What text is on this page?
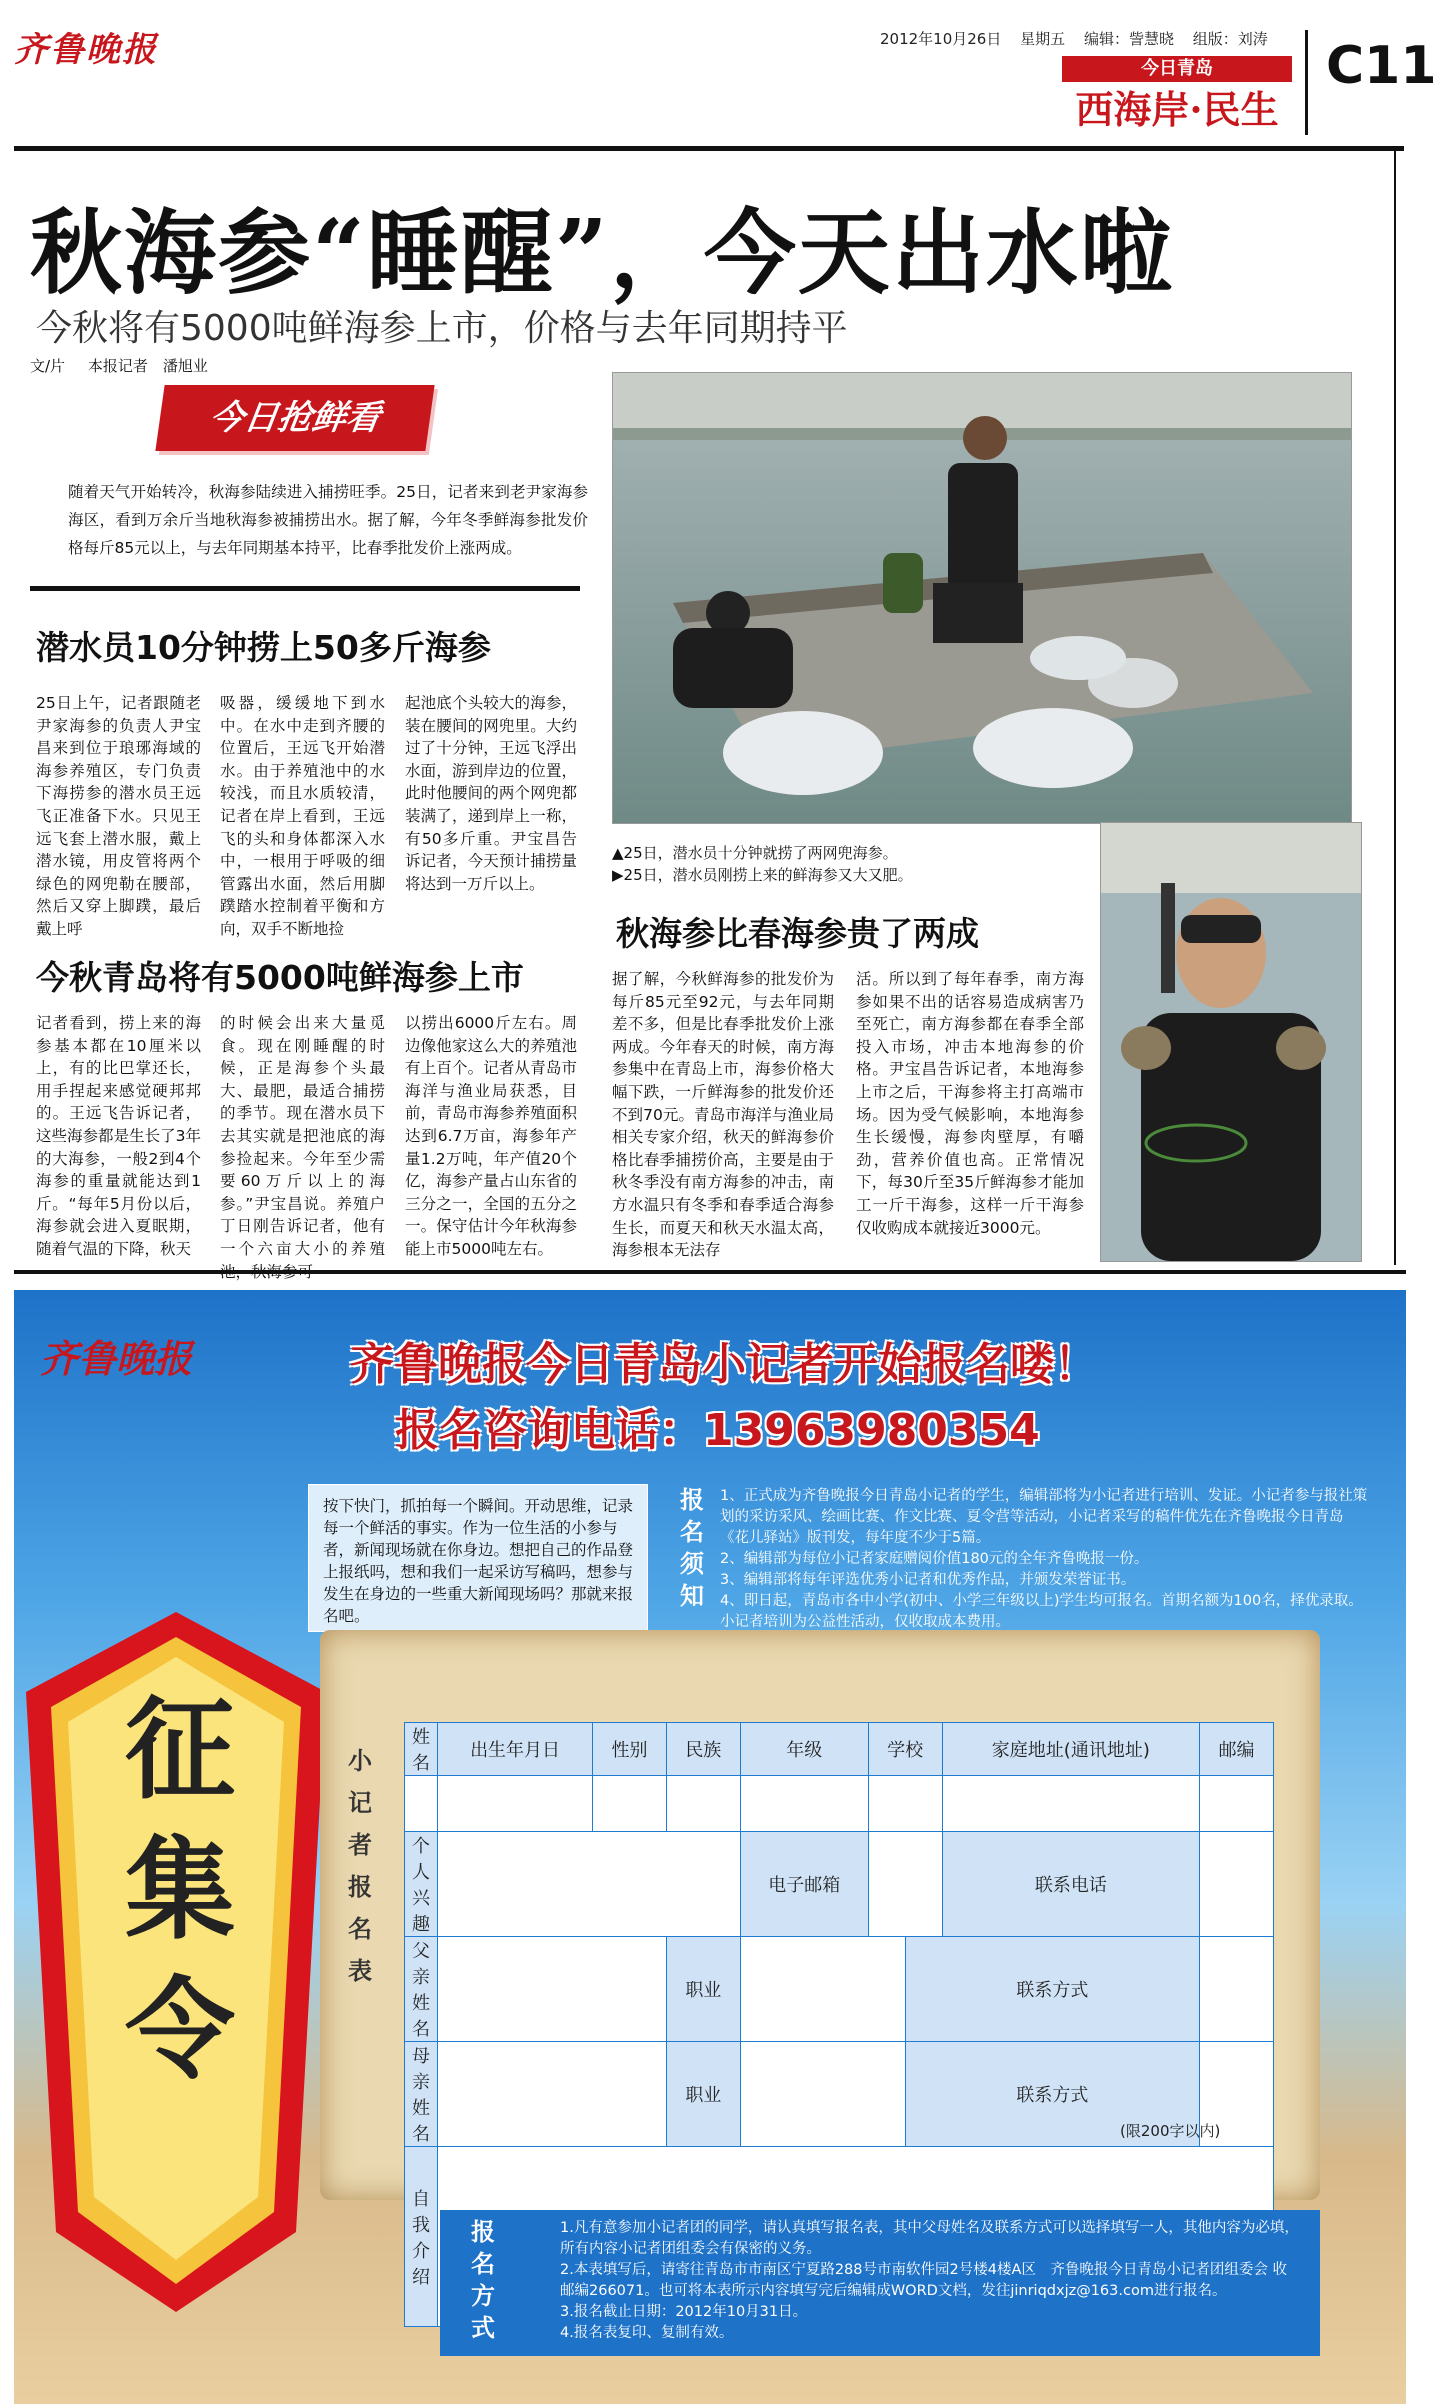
齐鲁晚报	2012年10月26日 星期五 编辑：訾慧晓 组版：刘涛
今日青岛
西海岸·民生
C11
秋海参“睡醒”，今天出水啦
今秋将有5000吨鲜海参上市，价格与去年同期持平
文/片 本报记者　潘旭业
今日抢鲜看
随着天气开始转冷，秋海参陆续进入捕捞旺季。25日，记者来到老尹家海参海区，看到万余斤当地秋海参被捕捞出水。据了解，今年冬季鲜海参批发价格每斤85元以上，与去年同期基本持平，比春季批发价上涨两成。
潜水员10分钟捞上50多斤海参
25日上午，记者跟随老尹家海参的负责人尹宝昌来到位于琅琊海域的海参养殖区，专门负责下海捞参的潜水员王远飞正准备下水。只见王远飞套上潜水服，戴上潜水镜，用皮管将两个绿色的网兜勒在腰部，然后又穿上脚蹼，最后戴上呼
吸器，缓缓地下到水中。在水中走到齐腰的位置后，王远飞开始潜水。由于养殖池中的水较浅，而且水质较清，记者在岸上看到，王远飞的头和身体都深入水中，一根用于呼吸的细管露出水面，然后用脚蹼踏水控制着平衡和方向，双手不断地捡
起池底个头较大的海参，装在腰间的网兜里。大约过了十分钟，王远飞浮出水面，游到岸边的位置，此时他腰间的两个网兜都装满了，递到岸上一称，有50多斤重。尹宝昌告诉记者，今天预计捕捞量将达到一万斤以上。
今秋青岛将有5000吨鲜海参上市
记者看到，捞上来的海参基本都在10厘米以上，有的比巴掌还长，用手捏起来感觉硬邦邦的。王远飞告诉记者，这些海参都是生长了3年的大海参，一般2到4个海参的重量就能达到1斤。“每年5月份以后，海参就会进入夏眠期，随着气温的下降，秋天
的时候会出来大量觅食。现在刚睡醒的时候，正是海参个头最大、最肥，最适合捕捞的季节。现在潜水员下去其实就是把池底的海参捡起来。今年至少需要60万斤以上的海参。”尹宝昌说。养殖户丁日刚告诉记者，他有一个六亩大小的养殖
以捞出6000斤左右。周边像他家这么大的养殖池有上百个。记者从青岛市海洋与渔业局获悉，目前，青岛市海参养殖面积达到6.7万亩，海参年产量1.2万吨，年产值20个亿，海参产量占山东省的三分之一，全国的五分之一。保守估计今年秋海参能上市5000吨左右。
▲25日，潜水员十分钟就捞了两网兜海参。
▶25日，潜水员刚捞上来的鲜海参又大又肥。
秋海参比春海参贵了两成
据了解，今秋鲜海参的批发价为每斤85元至92元，与去年同期差不多，但是比春季批发价上涨两成。今年春天的时候，南方海参集中在青岛上市，海参价格大幅下跌，一斤鲜海参的批发价还不到70元。青岛市海洋与渔业局相关专家介绍，秋天的鲜海参价格比春季捕捞价高，主要是由于秋冬季没有南方海参的冲击，南方水温只有冬季和春季适合海参生长，而夏天和秋天水温太高，海参根本无法存
活。所以到了每年春季，南方海参如果不出的话容易造成病害乃至死亡，南方海参都在春季全部投入市场，冲击本地海参的价格。尹宝昌告诉记者，本地海参上市之后，干海参将主打高端市场。因为受气候影响，本地海参生长缓慢，海参肉壁厚，有嚼劲，营养价值也高。正常情况下，每30斤至35斤鲜海参才能加工一斤干海参，这样一斤干海参仅收购成本就接近3000元。
齐鲁晚报	齐鲁晚报今日青岛小记者开始报名喽！
报名咨询电话：13963980354
按下快门，抓拍每一个瞬间。开动思维，记录每一个鲜活的事实。作为一位生活的小参与者，新闻现场就在你身边。想把自己的作品登上报纸吗，想和我们一起采访写稿吗，想参与发生在身边的一些重大新闻现场吗？那就来报名吧。
报名须知

1、正式成为齐鲁晚报今日青岛小记者的学生，编辑部将为小记者进行培训、发证。小记者参与报社策划的采访采风、绘画比赛、作文比赛、夏令营等活动，小记者采写的稿件优先在齐鲁晚报今日青岛《花儿驿站》版刊发，每年度不少于5篇。

2、编辑部为每位小记者家庭赠阅价值180元的全年齐鲁晚报一份。

3、编辑部将每年评选优秀小记者和优秀作品，并颁发荣誉证书。

4、即日起，青岛市各中小学(初中、小学三年级以上)学生均可报名。首期名额为100名，择优录取。小记者培训为公益性活动，仅收取成本费用。

征集令
小记者报名表
姓名	出生年月日	性别	民族	年级	学校		家庭地址(通讯地址)	邮编

个人兴趣				电子邮箱			联系电话	
父亲姓名			职业			联系方式		
母亲姓名			职业			联系方式		
自我介绍								
(限200字以内)

1.凡有意参加小记者团的同学，请认真填写报名表，其中父母姓名及联系方式可以选择填写一人，其他内容为必填，所有内容小记者团组委会有保密的义务。

2.本表填写后，请寄往青岛市市南区宁夏路288号市南软件园2号楼4楼A区　齐鲁晚报今日青岛小记者团组委会 收　邮编266071。也可将本表所示内容填写完后编辑成WORD文档，发往jinriqdxjz@163.com进行报名。

3.报名截止日期：2012年10月31日。

4.报名表复印、复制有效。

报名方式
